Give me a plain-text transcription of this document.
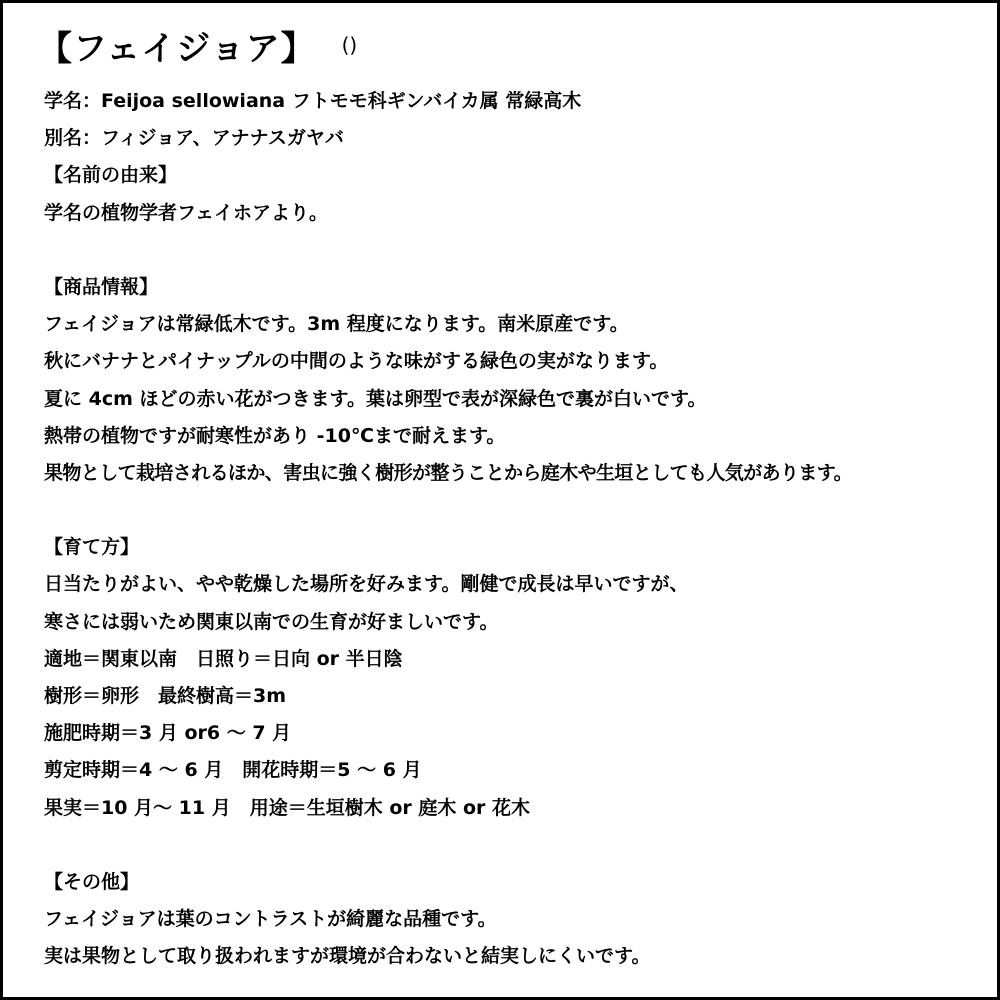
【フェイジョア】 ()
学名：Feijoa sellowiana フトモモ科ギンバイカ属 常緑高木
別名：フィジョア、アナナスガヤバ
【名前の由来】
学名の植物学者フェイホアより。
【商品情報】
フェイジョアは常緑低木です。3m 程度になります。南米原産です。
秋にバナナとパイナップルの中間のような味がする緑色の実がなります。
夏に 4cm ほどの赤い花がつきます。葉は卵型で表が深緑色で裏が白いです。
熱帯の植物ですが耐寒性があり -10℃まで耐えます。
果物として栽培されるほか、害虫に強く樹形が整うことから庭木や生垣としても人気があります。
【育て方】
日当たりがよい、やや乾燥した場所を好みます。剛健で成長は早いですが、
寒さには弱いため関東以南での生育が好ましいです。
適地＝関東以南　日照り＝日向 or 半日陰
樹形＝卵形　最終樹高＝3m
施肥時期＝3 月 or6 ～ 7 月
剪定時期＝4 ～ 6 月　開花時期＝5 ～ 6 月
果実＝10 月～ 11 月　用途＝生垣樹木 or 庭木 or 花木
【その他】
フェイジョアは葉のコントラストが綺麗な品種です。
実は果物として取り扱われますが環境が合わないと結実しにくいです。
